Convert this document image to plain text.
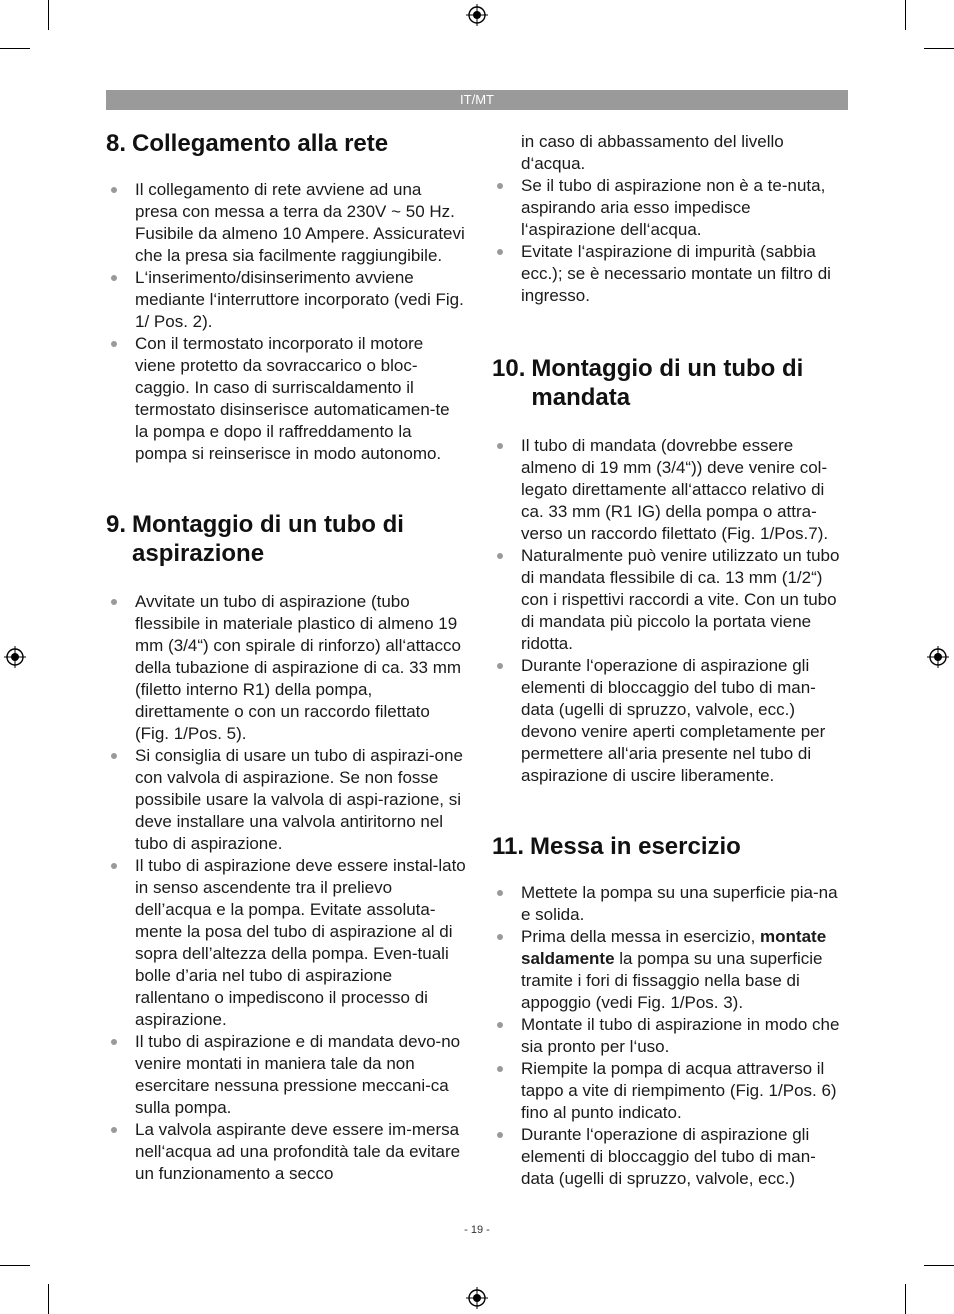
IT/MT
8. Collegamento alla rete
Il collegamento di rete avviene ad una presa con messa a terra da 230V ~ 50 Hz. Fusibile da almeno 10 Ampere. Assicuratevi che la presa sia facilmente raggiungibile.
L‘inserimento/disinserimento avviene mediante l‘interruttore incorporato (vedi Fig. 1/ Pos. 2).
Con il termostato incorporato il motore viene protetto da sovraccarico o bloc-caggio. In caso di surriscaldamento il termostato disinserisce automaticamen-te la pompa e dopo il raffreddamento la pompa si reinserisce in modo autonomo.
9. Montaggio di un tubo di aspirazione
Avvitate un tubo di aspirazione (tubo flessibile in materiale plastico di almeno 19 mm (3/4“) con spirale di rinforzo) all‘attacco della tubazione di aspirazione di ca. 33 mm (filetto interno R1) della pompa, direttamente o con un raccordo filettato (Fig. 1/Pos. 5).
Si consiglia di usare un tubo di aspirazi-one con valvola di aspirazione. Se non fosse possibile usare la valvola di aspi-razione, si deve installare una valvola antiritorno nel tubo di aspirazione.
Il tubo di aspirazione deve essere instal-lato in senso ascendente tra il prelievo dell’acqua e la pompa. Evitate assoluta-mente la posa del tubo di aspirazione al di sopra dell’altezza della pompa. Even-tuali bolle d’aria nel tubo di aspirazione rallentano o impediscono il processo di aspirazione.
Il tubo di aspirazione e di mandata devo-no venire montati in maniera tale da non esercitare nessuna pressione meccani-ca sulla pompa.
La valvola aspirante deve essere im-mersa nell‘acqua ad una profondità tale da evitare un funzionamento a secco

in caso di abbassamento del livello d‘acqua.

Se il tubo di aspirazione non è a te-nuta, aspirando aria esso impedisce l‘aspirazione dell‘acqua.
Evitate l‘aspirazione di impurità (sabbia ecc.); se è necessario montate un filtro di ingresso.
10. Montaggio di un tubo di mandata
Il tubo di mandata (dovrebbe essere almeno di 19 mm (3/4“)) deve venire col-legato direttamente all‘attacco relativo di ca. 33 mm (R1 IG) della pompa o attra-verso un raccordo filettato (Fig. 1/Pos.7).
Naturalmente può venire utilizzato un tubo di mandata flessibile di ca. 13 mm (1/2“) con i rispettivi raccordi a vite. Con un tubo di mandata più piccolo la portata viene ridotta.
Durante l‘operazione di aspirazione gli elementi di bloccaggio del tubo di man-data (ugelli di spruzzo, valvole, ecc.) devono venire aperti completamente per permettere all‘aria presente nel tubo di aspirazione di uscire liberamente.
11. Messa in esercizio
Mettete la pompa su una superficie pia-na e solida.
Prima della messa in esercizio, montate saldamente la pompa su una superficie tramite i fori di fissaggio nella base di appoggio (vedi Fig. 1/Pos. 3).
Montate il tubo di aspirazione in modo che sia pronto per l‘uso.
Riempite la pompa di acqua attraverso il tappo a vite di riempimento (Fig. 1/Pos. 6) fino al punto indicato.
Durante l‘operazione di aspirazione gli elementi di bloccaggio del tubo di man-data (ugelli di spruzzo, valvole, ecc.)
- 19 -
